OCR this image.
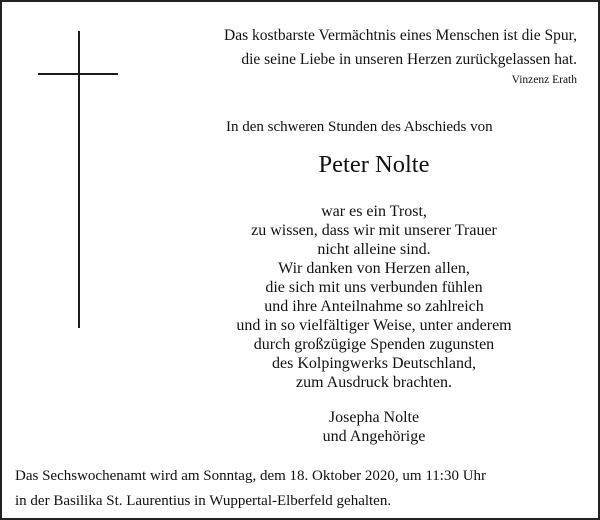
Das kostbarste Vermächtnis eines Menschen ist die Spur,
die seine Liebe in unseren Herzen zurückgelassen hat.
Vinzenz Erath
In den schweren Stunden des Abschieds von
Peter Nolte
war es ein Trost,
zu wissen, dass wir mit unserer Trauer
nicht alleine sind.
Wir danken von Herzen allen,
die sich mit uns verbunden fühlen
und ihre Anteilnahme so zahlreich
und in so vielfältiger Weise, unter anderem
durch großzügige Spenden zugunsten
des Kolpingwerks Deutschland,
zum Ausdruck brachten.
Josepha Nolte
und Angehörige
Das Sechswochenamt wird am Sonntag, dem 18. Oktober 2020, um 11:30 Uhr
in der Basilika St. Laurentius in Wuppertal-Elberfeld gehalten.
